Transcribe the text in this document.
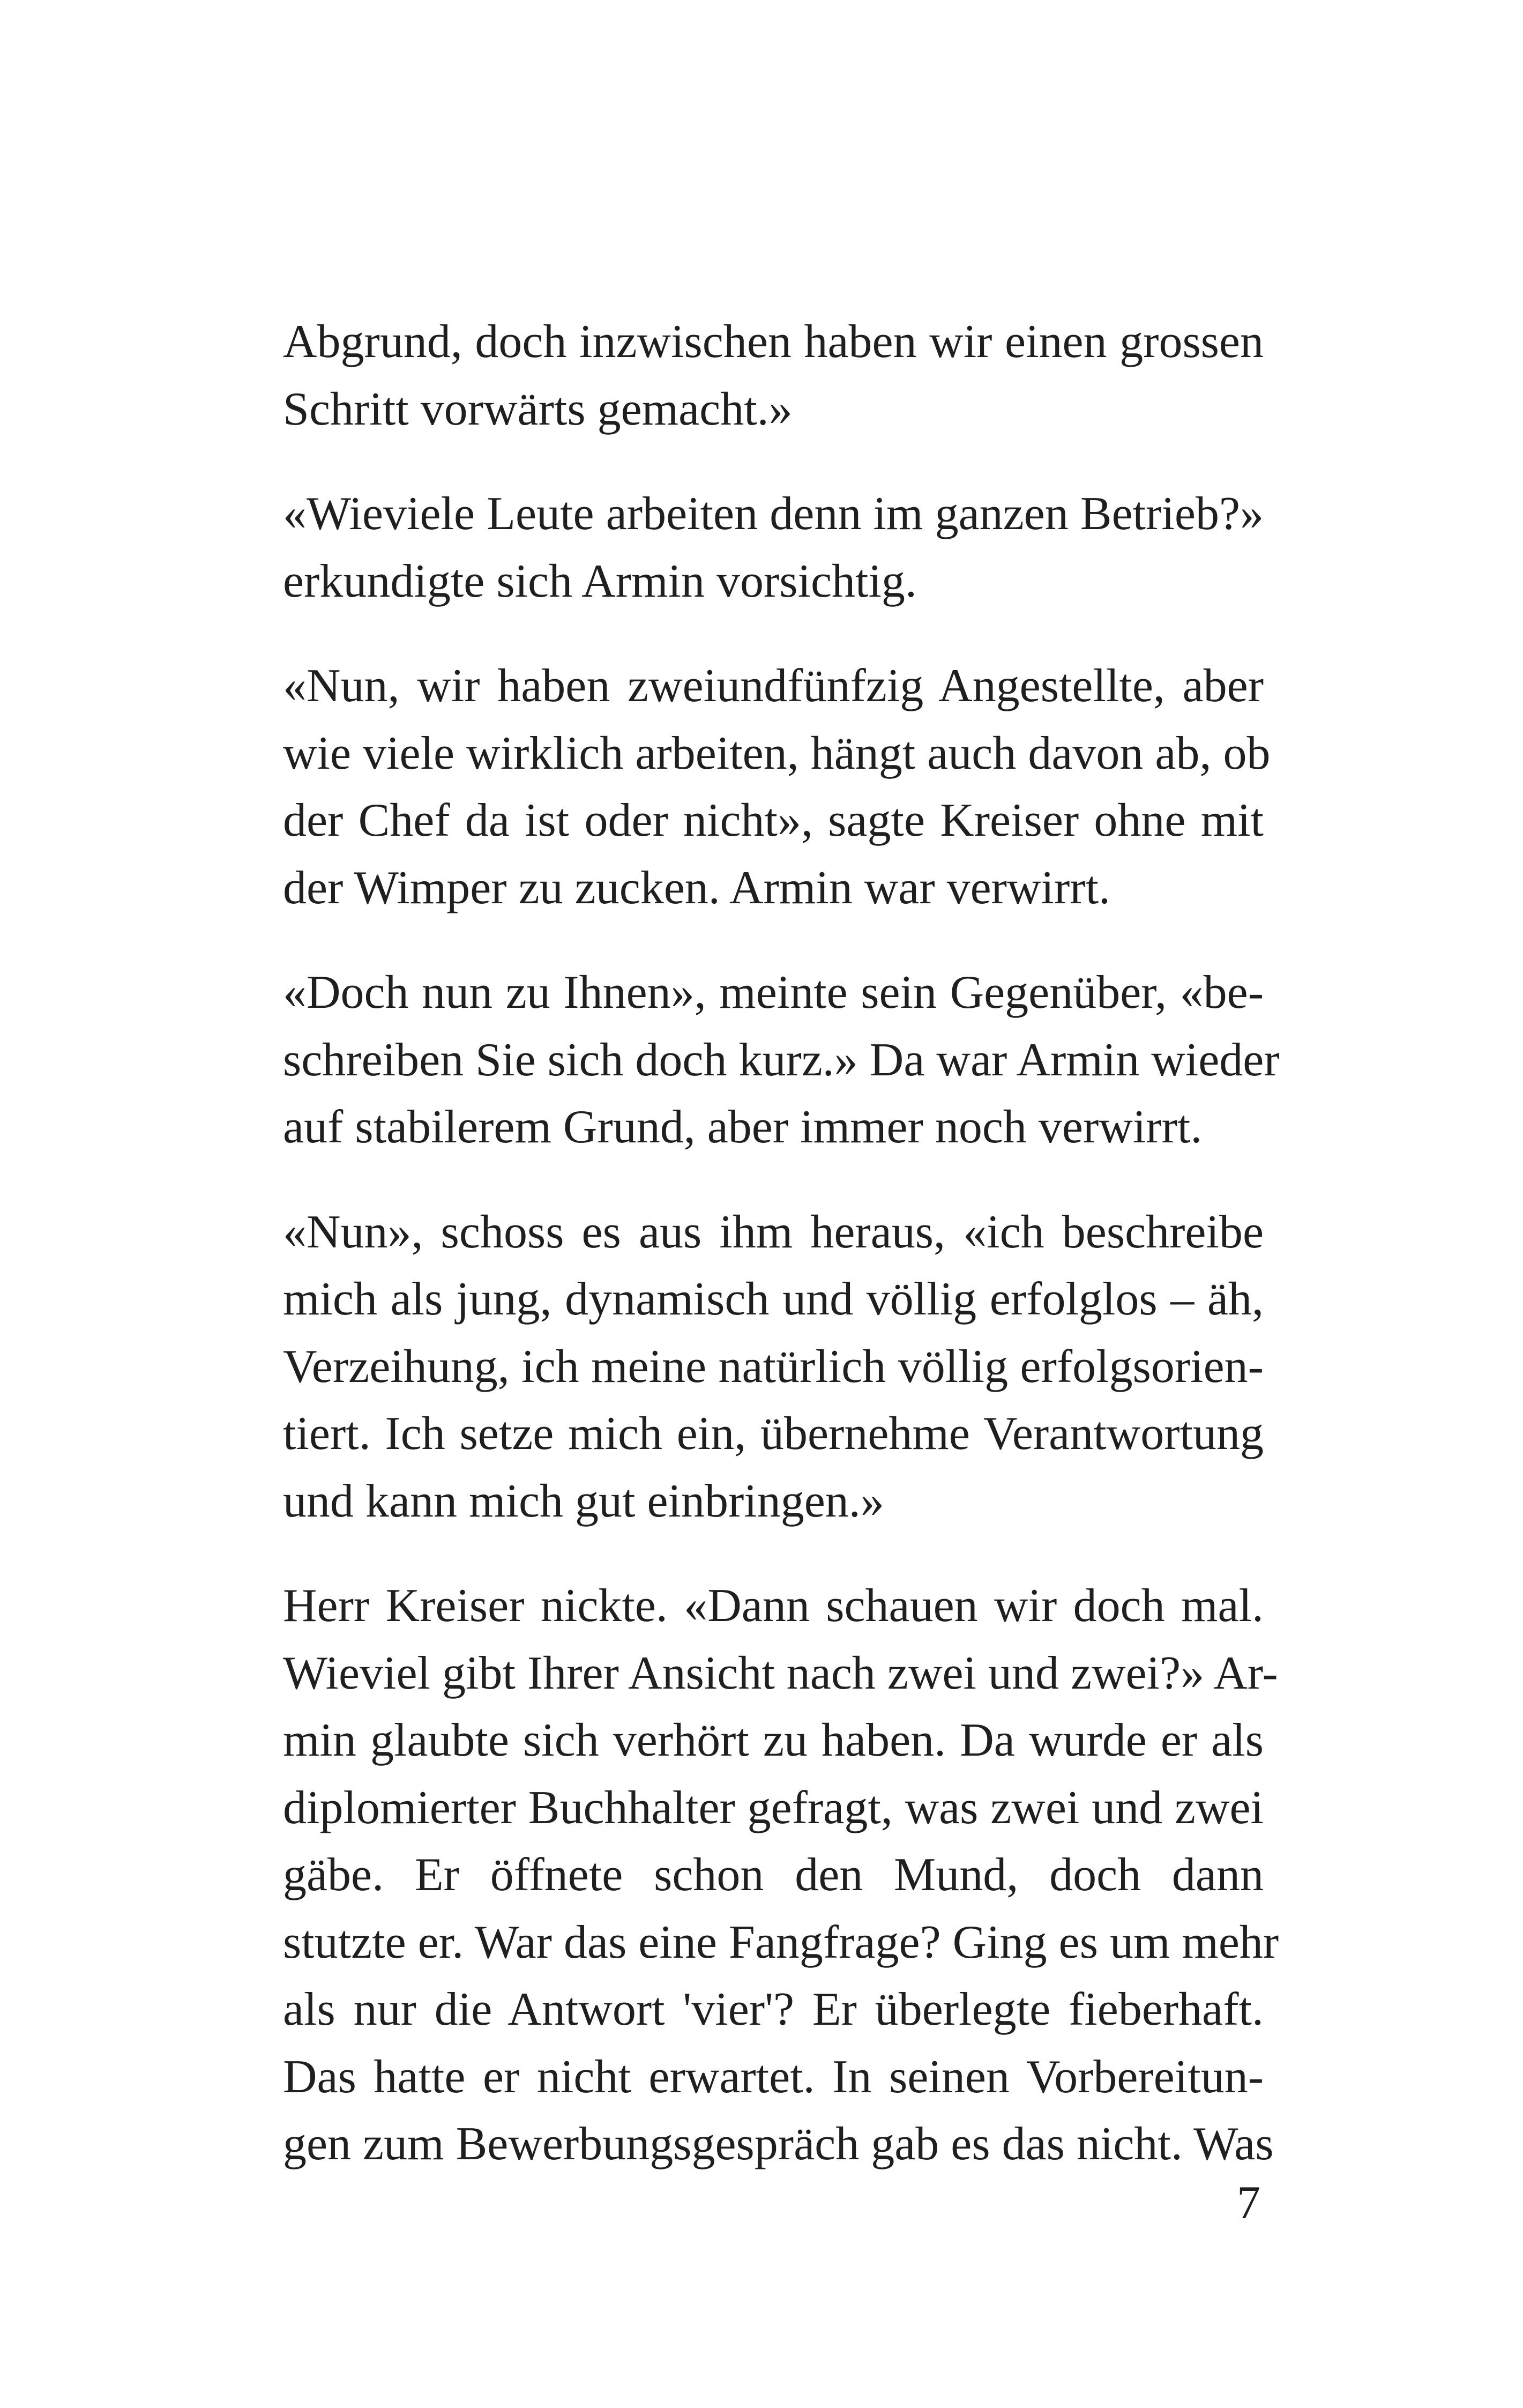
Abgrund, doch inzwischen haben wir einen grossen
Schritt vorwärts gemacht.»

«Wieviele Leute arbeiten denn im ganzen Betrieb?»
erkundigte sich Armin vorsichtig.

«Nun, wir haben zweiundfünfzig Angestellte, aber
wie viele wirklich arbeiten, hängt auch davon ab, ob
der Chef da ist oder nicht», sagte Kreiser ohne mit
der Wimper zu zucken. Armin war verwirrt.

«Doch nun zu Ihnen», meinte sein Gegenüber, «be-
schreiben Sie sich doch kurz.» Da war Armin wieder
auf stabilerem Grund, aber immer noch verwirrt.

«Nun», schoss es aus ihm heraus, «ich beschreibe
mich als jung, dynamisch und völlig erfolglos – äh,
Verzeihung, ich meine natürlich völlig erfolgsorien-
tiert. Ich setze mich ein, übernehme Verantwortung
und kann mich gut einbringen.»

Herr Kreiser nickte. «Dann schauen wir doch mal.
Wieviel gibt Ihrer Ansicht nach zwei und zwei?» Ar-
min glaubte sich verhört zu haben. Da wurde er als
diplomierter Buchhalter gefragt, was zwei und zwei
gäbe. Er öffnete schon den Mund, doch dann
stutzte er. War das eine Fangfrage? Ging es um mehr
als nur die Antwort 'vier'? Er überlegte fieberhaft.
Das hatte er nicht erwartet. In seinen Vorbereitun-
gen zum Bewerbungsgespräch gab es das nicht. Was

7
